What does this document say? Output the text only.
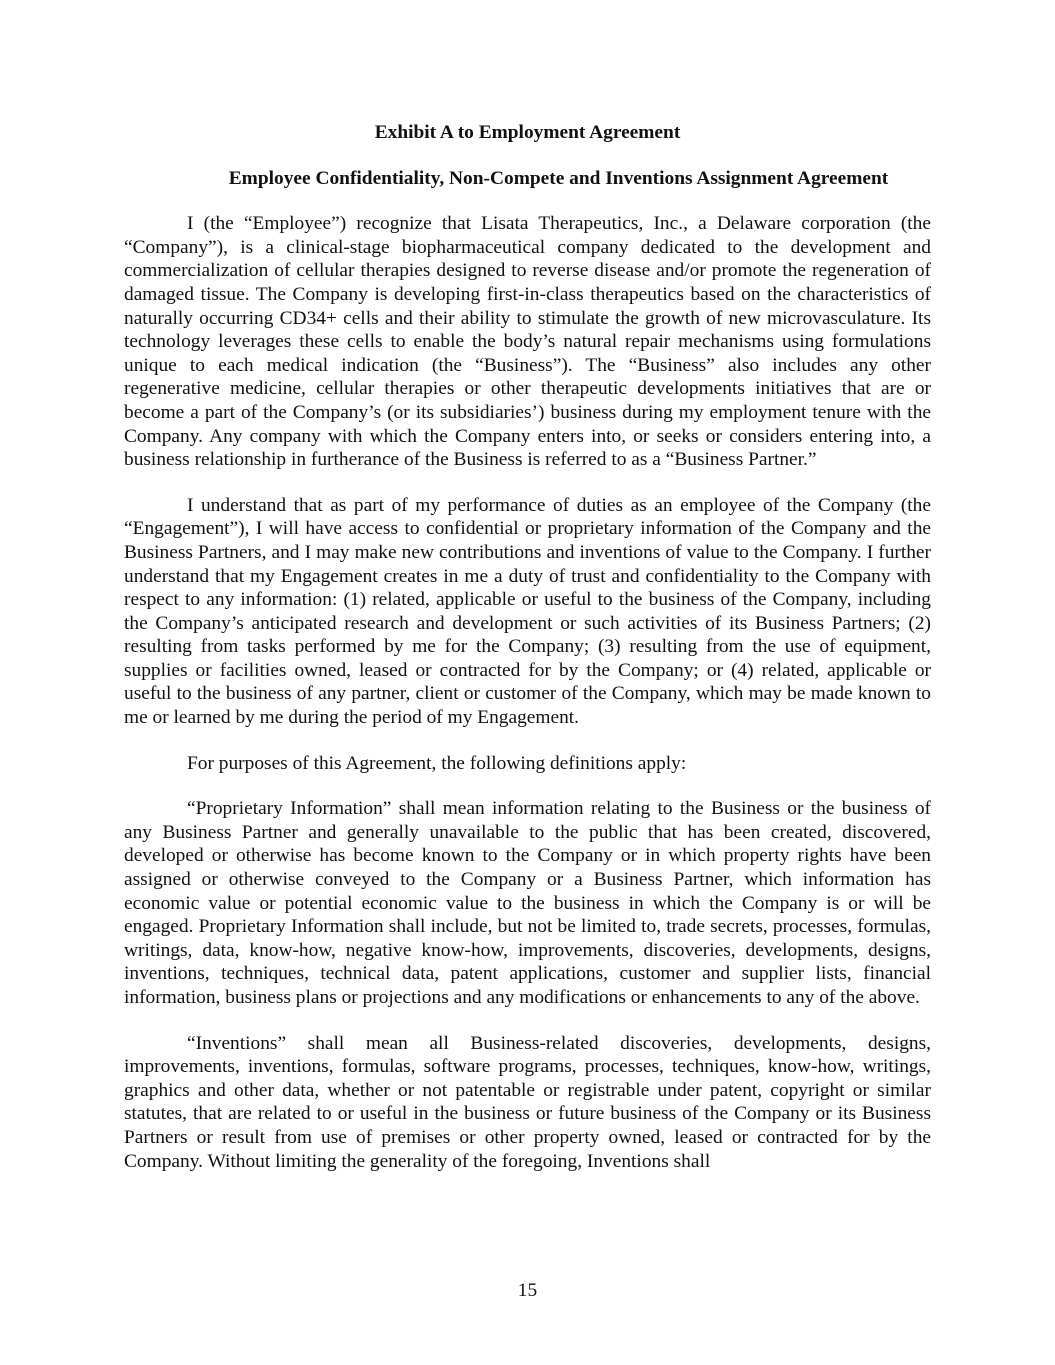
Exhibit A to Employment Agreement
Employee Confidentiality, Non-Compete and Inventions Assignment Agreement

I (the “Employee”) recognize that Lisata Therapeutics, Inc., a Delaware corporation (the “Company”), is a clinical-stage biopharmaceutical company dedicated to the development and commercialization of cellular therapies designed to reverse disease and/or promote the regeneration of damaged tissue. The Company is developing first-in-class therapeutics based on the characteristics of naturally occurring CD34+ cells and their ability to stimulate the growth of new microvasculature. Its technology leverages these cells to enable the body’s natural repair mechanisms using formulations unique to each medical indication (the “Business”). The “Business” also includes any other regenerative medicine, cellular therapies or other therapeutic developments initiatives that are or become a part of the Company’s (or its subsidiaries’) business during my employment tenure with the Company. Any company with which the Company enters into, or seeks or considers entering into, a business relationship in furtherance of the Business is referred to as a “Business Partner.”

I understand that as part of my performance of duties as an employee of the Company (the “Engagement”), I will have access to confidential or proprietary information of the Company and the Business Partners, and I may make new contributions and inventions of value to the Company. I further understand that my Engagement creates in me a duty of trust and confidentiality to the Company with respect to any information: (1) related, applicable or useful to the business of the Company, including the Company’s anticipated research and development or such activities of its Business Partners; (2) resulting from tasks performed by me for the Company; (3) resulting from the use of equipment, supplies or facilities owned, leased or contracted for by the Company; or (4) related, applicable or useful to the business of any partner, client or customer of the Company, which may be made known to me or learned by me during the period of my Engagement.

For purposes of this Agreement, the following definitions apply:

“Proprietary Information” shall mean information relating to the Business or the business of any Business Partner and generally unavailable to the public that has been created, discovered, developed or otherwise has become known to the Company or in which property rights have been assigned or otherwise conveyed to the Company or a Business Partner, which information has economic value or potential economic value to the business in which the Company is or will be engaged. Proprietary Information shall include, but not be limited to, trade secrets, processes, formulas, writings, data, know-how, negative know-how, improvements, discoveries, developments, designs, inventions, techniques, technical data, patent applications, customer and supplier lists, financial information, business plans or projections and any modifications or enhancements to any of the above.

“Inventions” shall mean all Business-related discoveries, developments, designs, improvements, inventions, formulas, software programs, processes, techniques, know-how, writings, graphics and other data, whether or not patentable or registrable under patent, copyright or similar statutes, that are related to or useful in the business or future business of the Company or its Business Partners or result from use of premises or other property owned, leased or contracted for by the Company. Without limiting the generality of the foregoing, Inventions shall

15
